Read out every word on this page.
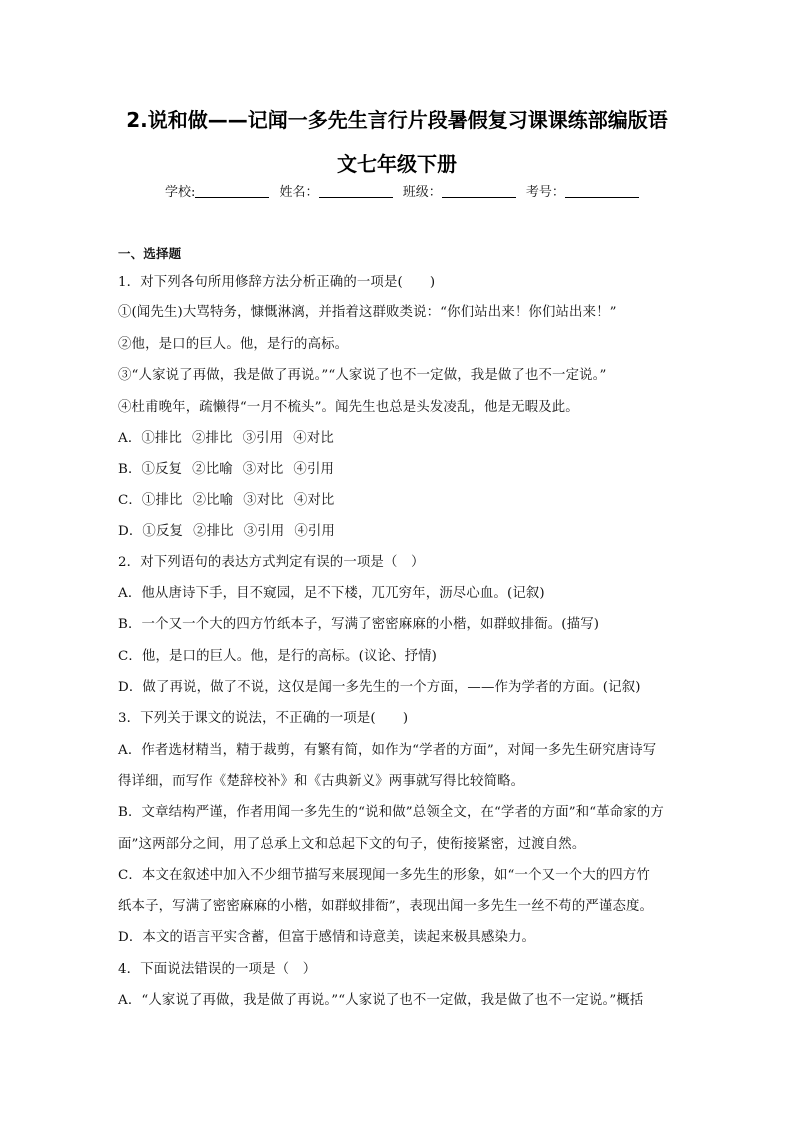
2.说和做——记闻一多先生言行片段暑假复习课课练部编版语
文七年级下册
学校:	姓名：	班级：	考号：
一、选择题
1．对下列各句所用修辞方法分析正确的一项是(　　)
①(闻先生)大骂特务，慷慨淋漓，并指着这群败类说：“你们站出来！你们站出来！”
②他，是口的巨人。他，是行的高标。
③“人家说了再做，我是做了再说。”“人家说了也不一定做，我是做了也不一定说。”
④杜甫晚年，疏懒得“一月不梳头”。闻先生也总是头发凌乱，他是无暇及此。
A．①排比 ②排比 ③引用 ④对比
B．①反复 ②比喻 ③对比 ④引用
C．①排比 ②比喻 ③对比 ④对比
D．①反复 ②排比 ③引用 ④引用
2．对下列语句的表达方式判定有误的一项是（　）
A．他从唐诗下手，目不窥园，足不下楼，兀兀穷年，沥尽心血。(记叙)
B．一个又一个大的四方竹纸本子，写满了密密麻麻的小楷，如群蚁排衙。(描写)
C．他，是口的巨人。他，是行的高标。(议论、抒情)
D．做了再说，做了不说，这仅是闻一多先生的一个方面，——作为学者的方面。(记叙)
3．下列关于课文的说法，不正确的一项是(　　)
A．作者选材精当，精于裁剪，有繁有简，如作为“学者的方面”，对闻一多先生研究唐诗写
得详细，而写作《楚辞校补》和《古典新义》两事就写得比较简略。
B．文章结构严谨，作者用闻一多先生的“说和做”总领全文，在“学者的方面”和“革命家的方
面”这两部分之间，用了总承上文和总起下文的句子，使衔接紧密，过渡自然。
C．本文在叙述中加入不少细节描写来展现闻一多先生的形象，如“一个又一个大的四方竹
纸本子，写满了密密麻麻的小楷，如群蚁排衙”，表现出闻一多先生一丝不苟的严谨态度。
D．本文的语言平实含蓄，但富于感情和诗意美，读起来极具感染力。
4．下面说法错误的一项是（　）
A．“人家说了再做，我是做了再说。”“人家说了也不一定做，我是做了也不一定说。”概括
